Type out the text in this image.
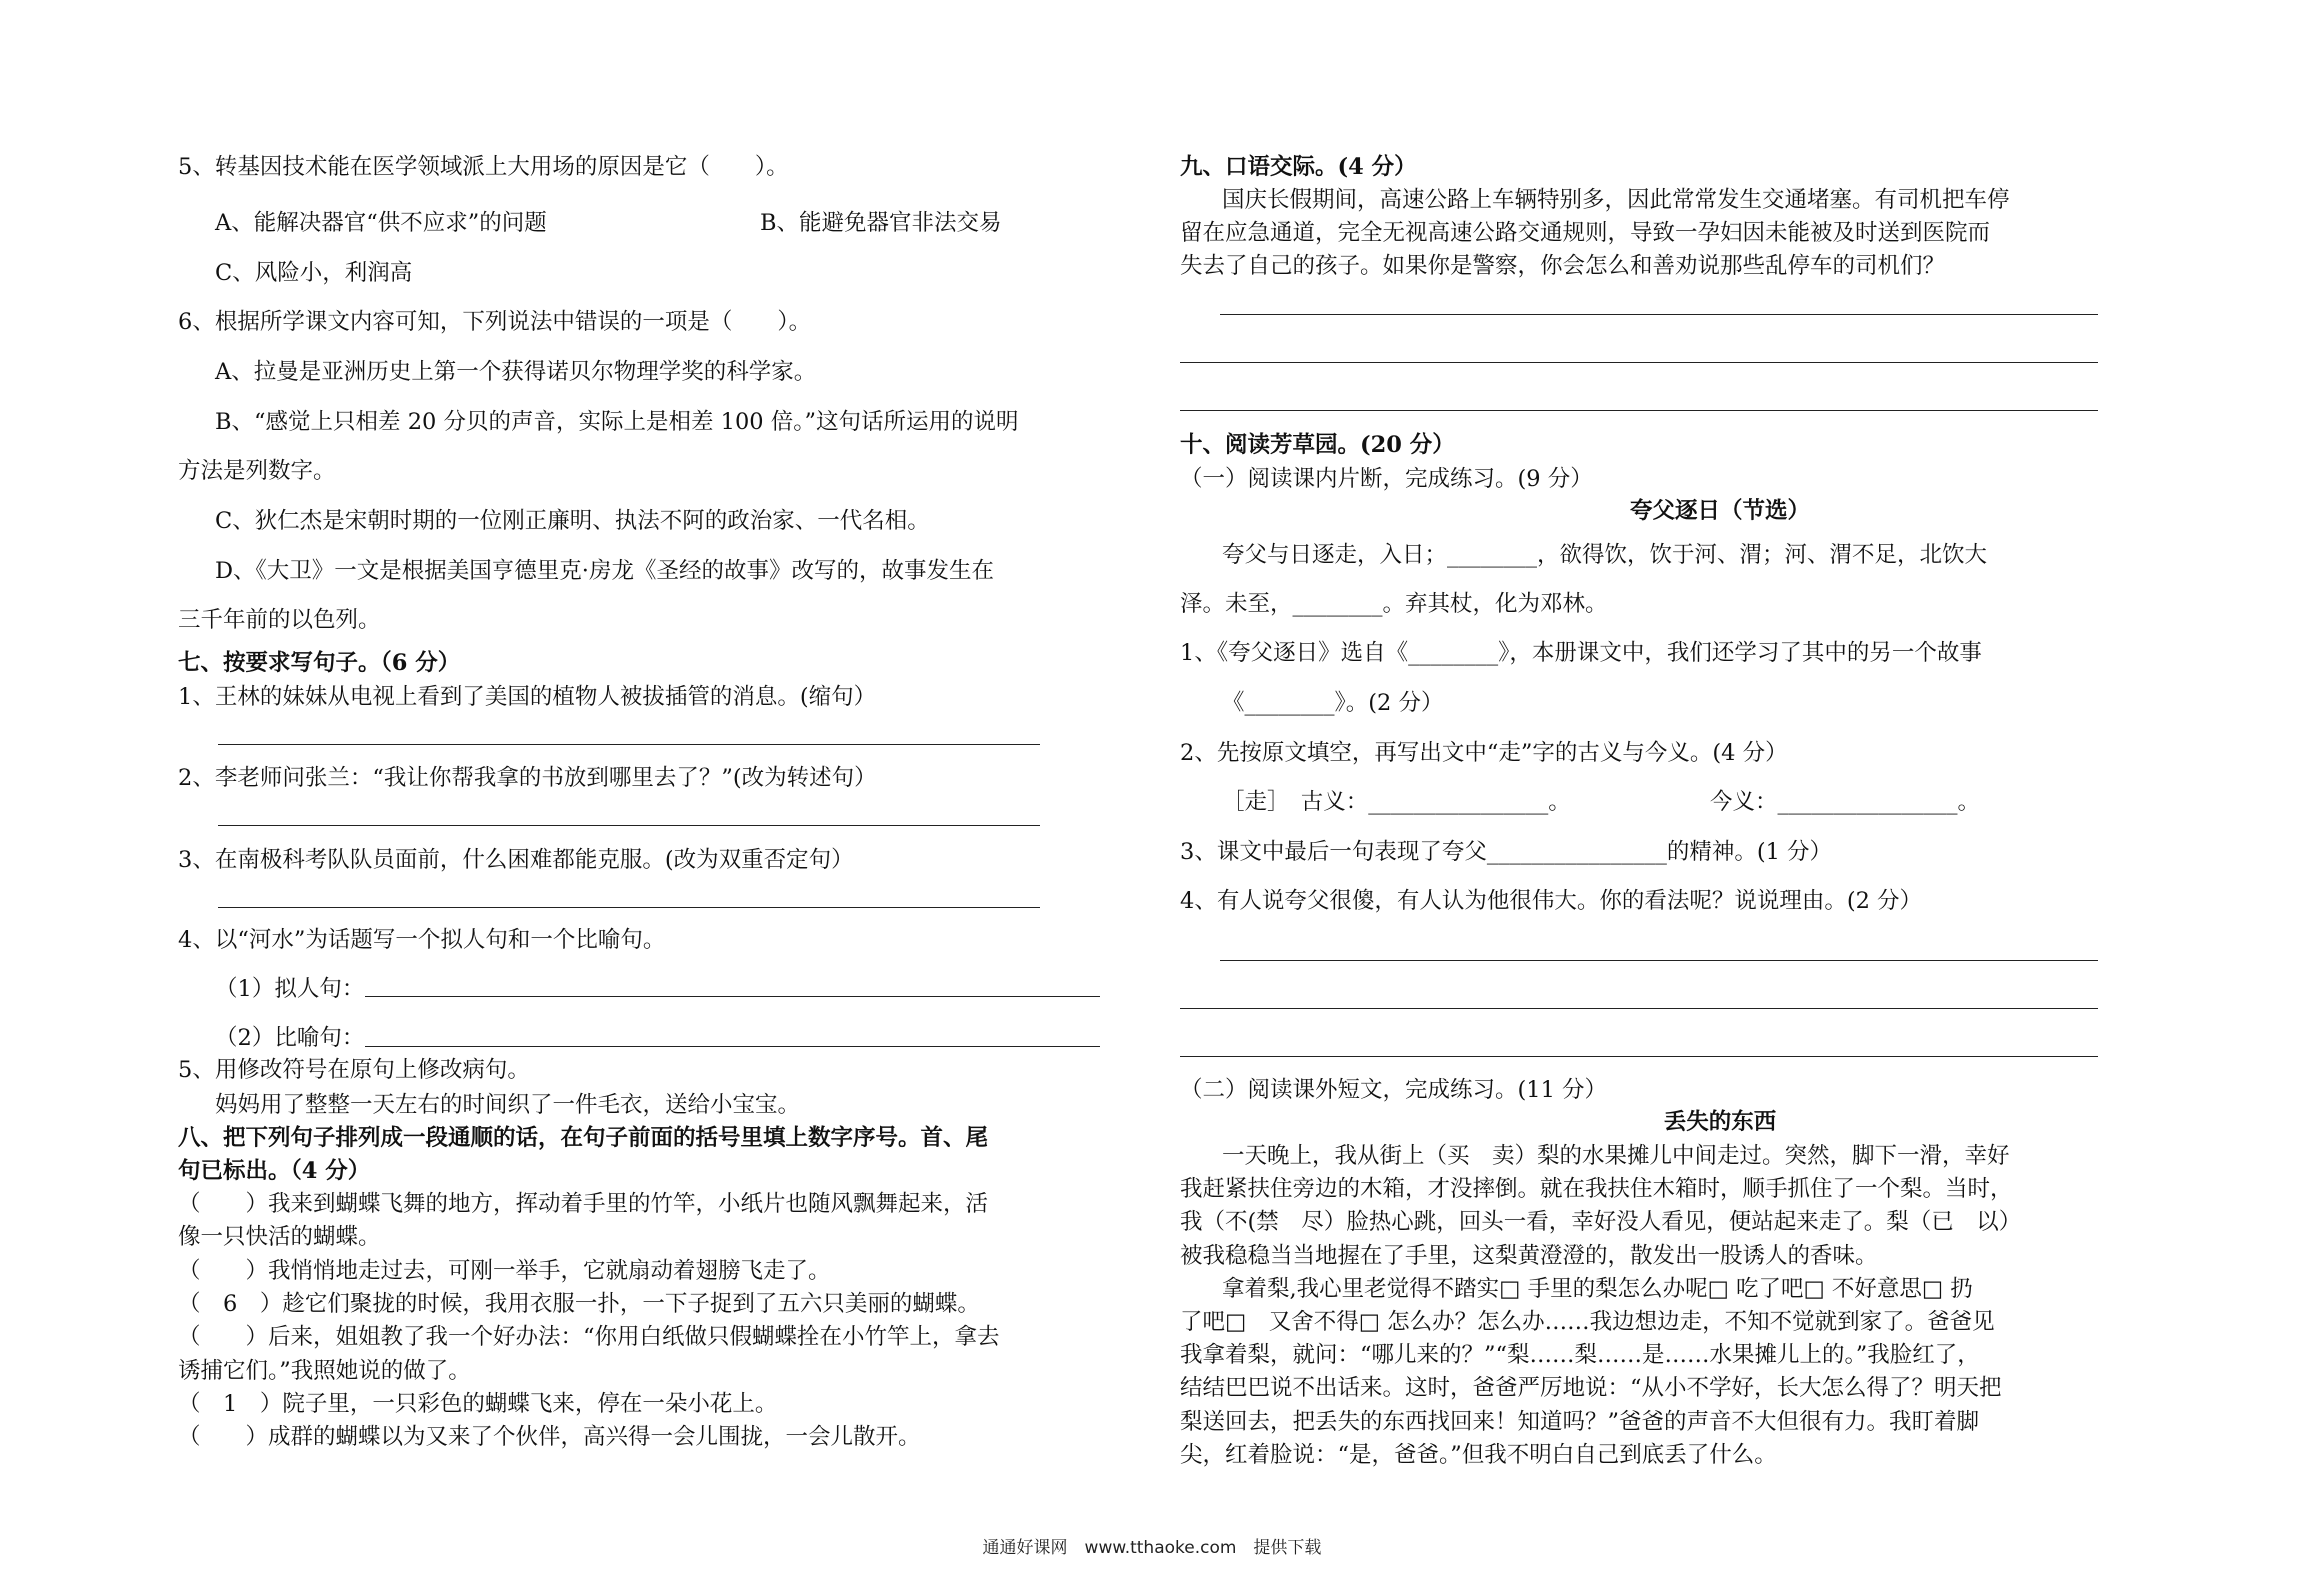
5、转基因技术能在医学领域派上大用场的原因是它（　　）。
A、能解决器官“供不应求”的问题	B、能避免器官非法交易
C、风险小，利润高
6、根据所学课文内容可知，下列说法中错误的一项是（　　）。
A、拉曼是亚洲历史上第一个获得诺贝尔物理学奖的科学家。
B、“感觉上只相差 20 分贝的声音，实际上是相差 100 倍。”这句话所运用的说明
方法是列数字。
C、狄仁杰是宋朝时期的一位刚正廉明、执法不阿的政治家、一代名相。
D、《大卫》一文是根据美国亨德里克·房龙《圣经的故事》改写的，故事发生在
三千年前的以色列。
七、按要求写句子。（6 分）
1、王林的妹妹从电视上看到了美国的植物人被拔插管的消息。(缩句）
2、李老师问张兰：“我让你帮我拿的书放到哪里去了？”(改为转述句）
3、在南极科考队队员面前，什么困难都能克服。(改为双重否定句）
4、以“河水”为话题写一个拟人句和一个比喻句。
（1）拟人句：
（2）比喻句：
5、用修改符号在原句上修改病句。
妈妈用了整整一天左右的时间织了一件毛衣，送给小宝宝。
八、把下列句子排列成一段通顺的话，在句子前面的括号里填上数字序号。首、尾
句已标出。（4 分）
（　　）我来到蝴蝶飞舞的地方，挥动着手里的竹竿，小纸片也随风飘舞起来，活
像一只快活的蝴蝶。
（　　）我悄悄地走过去，可刚一举手，它就扇动着翅膀飞走了。
（　6　）趁它们聚拢的时候，我用衣服一扑，一下子捉到了五六只美丽的蝴蝶。
（　　）后来，姐姐教了我一个好办法：“你用白纸做只假蝴蝶拴在小竹竿上，拿去
诱捕它们。”我照她说的做了。
（　1　）院子里，一只彩色的蝴蝶飞来，停在一朵小花上。
（　　）成群的蝴蝶以为又来了个伙伴，高兴得一会儿围拢，一会儿散开。
九、口语交际。(4 分）
国庆长假期间，高速公路上车辆特别多，因此常常发生交通堵塞。有司机把车停
留在应急通道，完全无视高速公路交通规则，导致一孕妇因未能被及时送到医院而
失去了自己的孩子。如果你是警察，你会怎么和善劝说那些乱停车的司机们？
十、阅读芳草园。(20 分）
（一）阅读课内片断，完成练习。(9 分）
夸父逐日（节选）
夸父与日逐走，入日；________，欲得饮，饮于河、渭；河、渭不足，北饮大
泽。未至，________。弃其杖，化为邓林。
1、《夸父逐日》选自《________》，本册课文中，我们还学习了其中的另一个故事
《________》。(2 分）
2、先按原文填空，再写出文中“走”字的古义与今义。(4 分）
［走］　古义：________________。	今义：________________。
3、课文中最后一句表现了夸父________________的精神。(1 分）
4、有人说夸父很傻，有人认为他很伟大。你的看法呢？说说理由。(2 分）
（二）阅读课外短文，完成练习。(11 分）
丢失的东西
一天晚上，我从街上（买　卖）梨的水果摊儿中间走过。突然，脚下一滑，幸好
我赶紧扶住旁边的木箱，才没摔倒。就在我扶住木箱时，顺手抓住了一个梨。当时，
我（不(禁　尽）脸热心跳，回头一看，幸好没人看见，便站起来走了。梨（已　以）
被我稳稳当当地握在了手里，这梨黄澄澄的，散发出一股诱人的香味。
拿着梨,我心里老觉得不踏实□ 手里的梨怎么办呢□ 吃了吧□ 不好意思□ 扔
了吧□　又舍不得□ 怎么办？怎么办……我边想边走，不知不觉就到家了。爸爸见
我拿着梨，就问：“哪儿来的？”“梨……梨……是……水果摊儿上的。”我脸红了，
结结巴巴说不出话来。这时，爸爸严厉地说：“从小不学好，长大怎么得了？明天把
梨送回去，把丢失的东西找回来！知道吗？”爸爸的声音不大但很有力。我盯着脚
尖，红着脸说：“是，爸爸。”但我不明白自己到底丢了什么。
通通好课网　www.tthaoke.com　提供下载
